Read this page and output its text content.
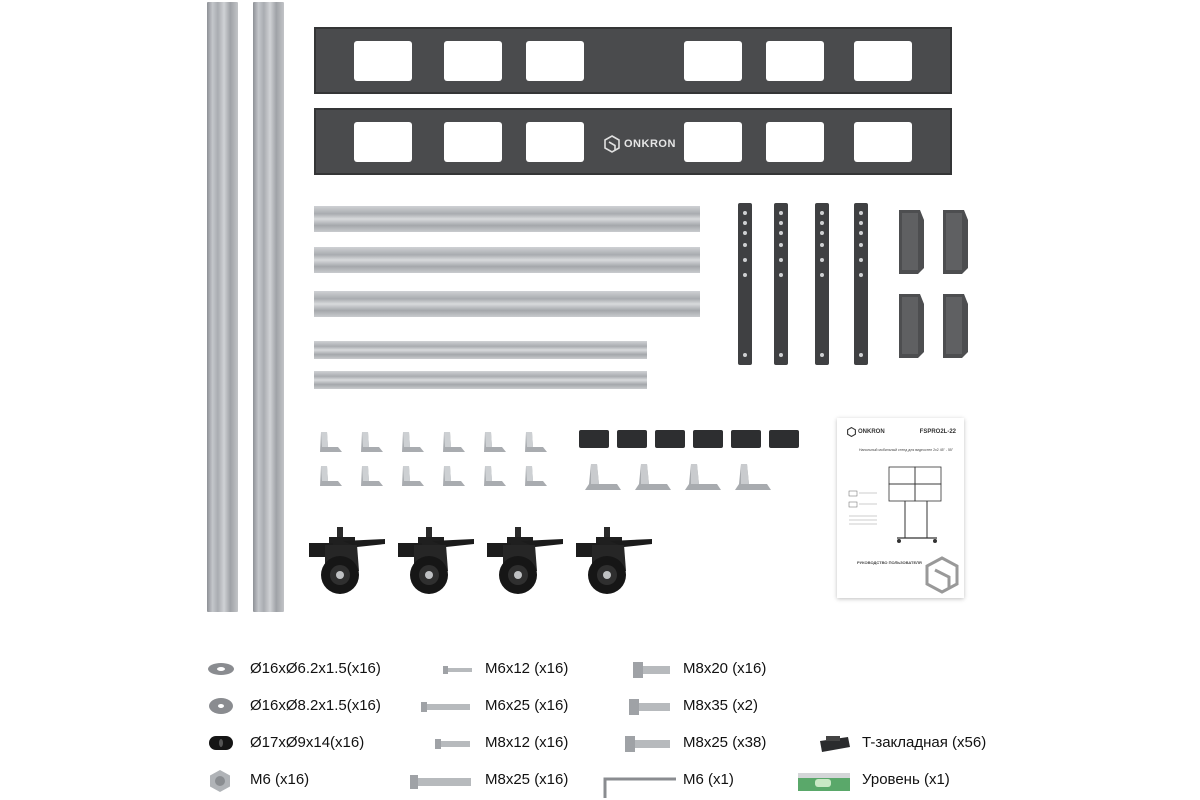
ONKRON
ONKRON	FSPRO2L-22
Напольный мобильный стенд для видеостен 2х2 45" - 55"
РУКОВОДСТВО ПОЛЬЗОВАТЕЛЯ
Ø16xØ6.2x1.5(x16)
Ø16xØ8.2x1.5(x16)
Ø17xØ9x14(x16)
M6 (x16)
M6x12 (x16)
M6x25 (x16)
M8x12 (x16)
M8x25 (x16)
M8x20 (x16)
M8x35 (x2)
M8x25 (x38)
M6 (x1)
T-закладная (x56)
Уровень (x1)
